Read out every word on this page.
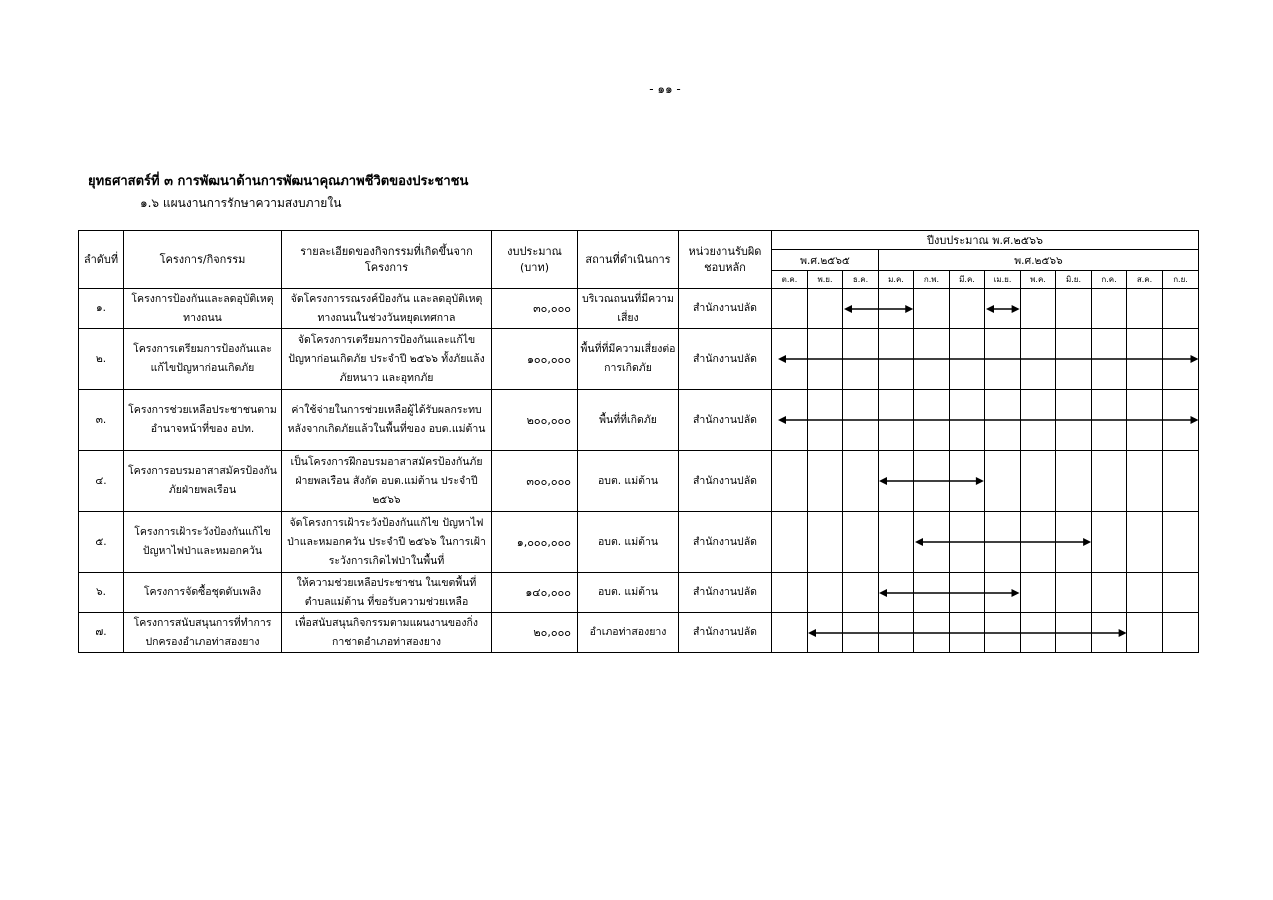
- ๑๑ -
ยุทธศาสตร์ที่ ๓ การพัฒนาด้านการพัฒนาคุณภาพชีวิตของประชาชน
๑.๖ แผนงานการรักษาความสงบภายใน
ลำดับที่	โครงการ/กิจกรรม	รายละเอียดของกิจกรรมที่เกิดขึ้นจากโครงการ	งบประมาณ (บาท)	สถานที่ดำเนินการ	หน่วยงานรับผิดชอบหลัก	ปีงบประมาณ พ.ศ.๒๕๖๖											
						พ.ศ.๒๕๖๕			พ.ศ.๒๕๖๖								
						ต.ค.	พ.ย.	ธ.ค.	ม.ค.	ก.พ.	มี.ค.	เม.ย.	พ.ค.	มิ.ย.	ก.ค.	ส.ค.	ก.ย.
๑.	โครงการป้องกันและลดอุบัติเหตุทางถนน	จัดโครงการรณรงค์ป้องกัน และลดอุบัติเหตุทางถนนในช่วงวันหยุดเทศกาล	๓๐,๐๐๐	บริเวณถนนที่มีความเสี่ยง	สำนักงานปลัด												
๒.	โครงการเตรียมการป้องกันและแก้ไขปัญหาก่อนเกิดภัย	จัดโครงการเตรียมการป้องกันและแก้ไขปัญหาก่อนเกิดภัย ประจำปี ๒๕๖๖ ทั้งภัยแล้ง ภัยหนาว และอุทกภัย	๑๐๐,๐๐๐	พื้นที่ที่มีความเสี่ยงต่อการเกิดภัย	สำนักงานปลัด												
๓.	โครงการช่วยเหลือประชาชนตามอำนาจหน้าที่ของ อปท.	ค่าใช้จ่ายในการช่วยเหลือผู้ได้รับผลกระทบหลังจากเกิดภัยแล้วในพื้นที่ของ อบต.แม่ต้าน	๒๐๐,๐๐๐	พื้นที่ที่เกิดภัย	สำนักงานปลัด												
๔.	โครงการอบรมอาสาสมัครป้องกันภัยฝ่ายพลเรือน	เป็นโครงการฝึกอบรมอาสาสมัครป้องกันภัยฝ่ายพลเรือน สังกัด อบต.แม่ต้าน ประจำปี ๒๕๖๖	๓๐๐,๐๐๐	อบต. แม่ต้าน	สำนักงานปลัด												
๕.	โครงการเฝ้าระวังป้องกันแก้ไขปัญหาไฟป่าและหมอกควัน	จัดโครงการเฝ้าระวังป้องกันแก้ไข ปัญหาไฟป่าและหมอกควัน ประจำปี ๒๕๖๖ ในการเฝ้าระวังการเกิดไฟป่าในพื้นที่	๑,๐๐๐,๐๐๐	อบต. แม่ต้าน	สำนักงานปลัด												
๖.	โครงการจัดซื้อชุดดับเพลิง	ให้ความช่วยเหลือประชาชน ในเขตพื้นที่ตำบลแม่ต้าน ที่ขอรับความช่วยเหลือ	๑๔๐,๐๐๐	อบต. แม่ต้าน	สำนักงานปลัด												
๗.	โครงการสนับสนุนการที่ทำการปกครองอำเภอท่าสองยาง	เพื่อสนับสนุนกิจกรรมตามแผนงานของกิ่งกาชาดอำเภอท่าสองยาง	๒๐,๐๐๐	อำเภอท่าสองยาง	สำนักงานปลัด												
